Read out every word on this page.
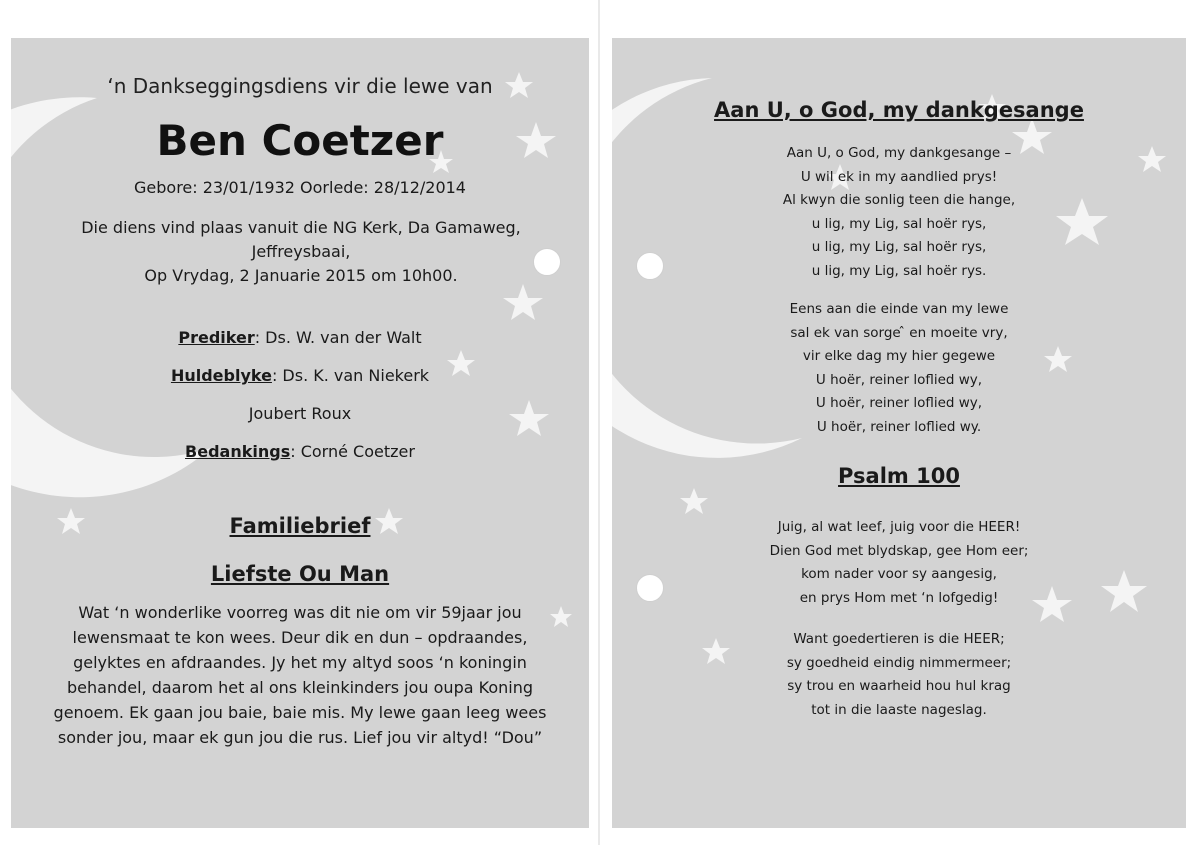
‘n Dankseggingsdiens vir die lewe van
Ben Coetzer
Gebore: 23/01/1932 Oorlede: 28/12/2014
Die diens vind plaas vanuit die NG Kerk, Da Gamaweg,
Jeffreysbaai,
Op Vrydag, 2 Januarie 2015 om 10h00.
Prediker: Ds. W. van der Walt
Huldeblyke: Ds. K. van Niekerk
Joubert Roux
Bedankings: Corné Coetzer
Familiebrief
Liefste Ou Man
Wat ‘n wonderlike voorreg was dit nie om vir 59jaar jou
lewensmaat te kon wees. Deur dik en dun – opdraandes,
gelyktes en afdraandes. Jy het my altyd soos ‘n koningin
behandel, daarom het al ons kleinkinders jou oupa Koning
genoem. Ek gaan jou baie, baie mis. My lewe gaan leeg wees
sonder jou, maar ek gun jou die rus. Lief jou vir altyd! “Dou”
Aan U, o God, my dankgesange
Aan U, o God, my dankgesange –
U wil ek in my aandlied prys!
Al kwyn die sonlig teen die hange,
u lig, my Lig, sal hoër rys,
u lig, my Lig, sal hoër rys,
u lig, my Lig, sal hoër rys.
Eens aan die einde van my lewe
sal ek van sorge ̂ en moeite vry,
vir elke dag my hier gegewe
U hoër, reiner loflied wy,
U hoër, reiner loflied wy,
U hoër, reiner loflied wy.
Psalm 100
Juig, al wat leef, juig voor die HEER!
Dien God met blydskap, gee Hom eer;
kom nader voor sy aangesig,
en prys Hom met ‘n lofgedig!
Want goedertieren is die HEER;
sy goedheid eindig nimmermeer;
sy trou en waarheid hou hul krag
tot in die laaste nageslag.
